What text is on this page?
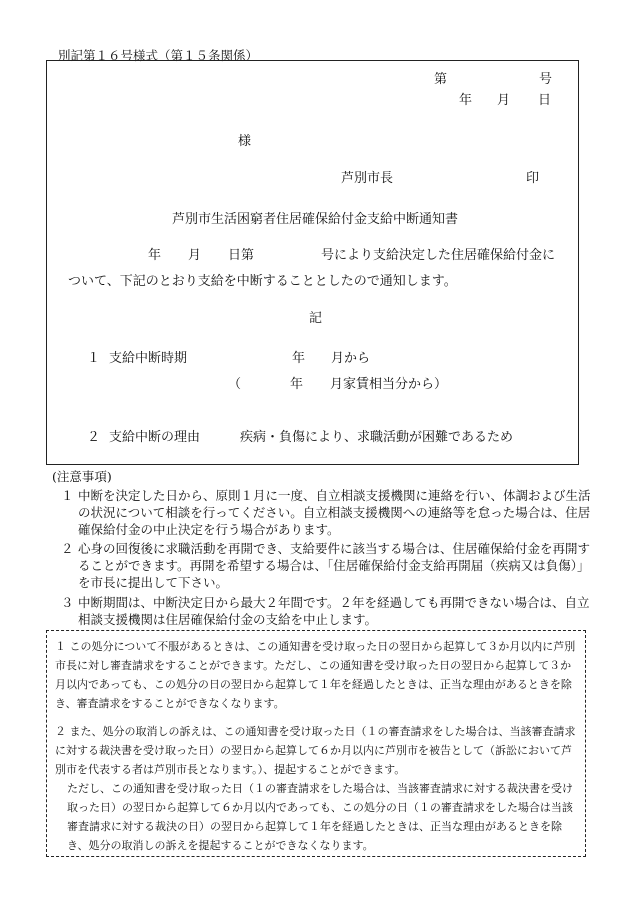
別記第１６号様式（第１５条関係）
第	号
年 月 日
様
芦別市長	印
芦別市生活困窮者住居確保給付金支給中断通知書
年 月 日第	号により支給決定した住居確保給付金に
ついて、下記のとおり支給を中断することとしたので通知します。
記
１ 支給中断時期	年 月から
（	年 月家賃相当分から）
２ 支給中断の理由	疾病・負傷により、求職活動が困難であるため
(注意事項)
１ 中断を決定した日から、原則１月に一度、自立相談支援機関に連絡を行い、体調および生活の状況について相談を行ってください。自立相談支援機関への連絡等を怠った場合は、住居確保給付金の中止決定を行う場合があります。
２ 心身の回復後に求職活動を再開でき、支給要件に該当する場合は、住居確保給付金を再開することができます。再開を希望する場合は、「住居確保給付金支給再開届（疾病又は負傷）」を市長に提出して下さい。
３ 中断期間は、中断決定日から最大２年間です。２年を経過しても再開できない場合は、自立相談支援機関は住居確保給付金の支給を中止します。
１ この処分について不服があるときは、この通知書を受け取った日の翌日から起算して３か月以内に芦別市長に対し審査請求をすることができます。ただし、この通知書を受け取った日の翌日から起算して３か月以内であっても、この処分の日の翌日から起算して１年を経過したときは、正当な理由があるときを除き、審査請求をすることができなくなります。
２ また、処分の取消しの訴えは、この通知書を受け取った日（１の審査請求をした場合は、当該審査請求に対する裁決書を受け取った日）の翌日から起算して６か月以内に芦別市を被告として（訴訟において芦別市を代表する者は芦別市長となります。）、提起することができます。
ただし、この通知書を受け取った日（１の審査請求をした場合は、当該審査請求に対する裁決書を受け取った日）の翌日から起算して６か月以内であっても、この処分の日（１の審査請求をした場合は当該審査請求に対する裁決の日）の翌日から起算して１年を経過したときは、正当な理由があるときを除き、処分の取消しの訴えを提起することができなくなります。
